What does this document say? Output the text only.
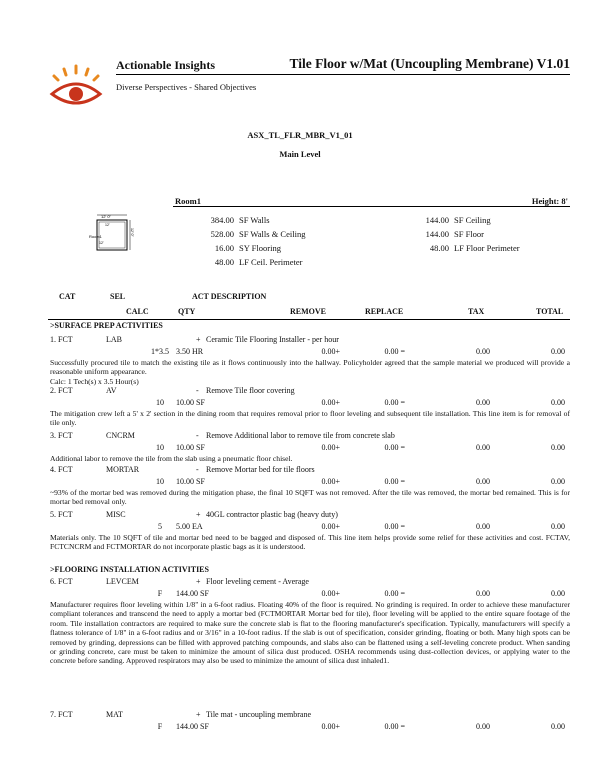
Actionable Insights
Diverse Perspectives - Shared Objectives
Tile Floor w/Mat (Uncoupling Membrane) V1.01
ASX_TL_FLR_MBR_V1_01
Main Level
Room1	Height: 8'
12' 0"
12'
Room1
12'
12' 0"
384.00 SF Walls
528.00 SF Walls & Ceiling
16.00 SY Flooring
48.00 LF Ceil. Perimeter
144.00 SF Ceiling
144.00 SF Floor
48.00 LF Floor Perimeter
CAT	SEL	ACT DESCRIPTION
CALC	QTY	REMOVE	REPLACE	TAX	TOTAL
>SURFACE PREP ACTIVITIES
>FLOORING INSTALLATION ACTIVITIES
1. FCT	LAB	+ Ceramic Tile Flooring Installer - per hour
1*3.5 3.50 HR	0.00+	0.00 =	0.00	0.00
Successfully procured tile to match the existing tile as it flows continuously into the hallway. Policyholder agreed that the sample material we produced will provide a reasonable uniform appearance.
Calc: 1 Tech(s) x 3.5 Hour(s)
2. FCT	AV	- Remove Tile floor covering
10	10.00 SF	0.00+	0.00 =	0.00	0.00
The mitigation crew left a 5' x 2' section in the dining room that requires removal prior to floor leveling and subsequent tile installation. This line item is for removal of tile only.
3. FCT	CNCRM	- Remove Additional labor to remove tile from concrete slab
10	10.00 SF	0.00+	0.00 =	0.00	0.00
Additional labor to remove the tile from the slab using a pneumatic floor chisel.
4. FCT	MORTAR	- Remove Mortar bed for tile floors
10	10.00 SF	0.00+	0.00 =	0.00	0.00
~93% of the mortar bed was removed during the mitigation phase, the final 10 SQFT was not removed. After the tile was removed, the mortar bed remained. This is for mortar bed removal only.
5. FCT	MISC	+ 40GL contractor plastic bag (heavy duty)
5	5.00 EA	0.00+	0.00 =	0.00	0.00
Materials only. The 10 SQFT of tile and mortar bed need to be bagged and disposed of. This line item helps provide some relief for these activities and cost. FCTAV, FCTCNCRM and FCTMORTAR do not incorporate plastic bags as it is understood.
6. FCT	LEVCEM	+ Floor leveling cement - Average
F	144.00 SF	0.00+	0.00 =	0.00	0.00
Manufacturer requires floor leveling within 1/8" in a 6-foot radius. Floating 40% of the floor is required. No grinding is required. In order to achieve these manufacturer compliant tolerances and transcend the need to apply a mortar bed (FCTMORTAR Mortar bed for tile), floor leveling will be applied to the entire square footage of the room. Tile installation contractors are required to make sure the concrete slab is flat to the flooring manufacturer's specification. Typically, manufacturers will specify a flatness tolerance of 1/8" in a 6-foot radius and or 3/16" in a 10-foot radius. If the slab is out of specification, consider grinding, floating or both. Many high spots can be removed by grinding, depressions can be filled with approved patching compounds, and slabs also can be flattened using a self-leveling concrete product. When sanding or grinding concrete, care must be taken to minimize the amount of silica dust produced. OSHA recommends using dust-collection devices, or applying water to the concrete before sanding. Approved respirators may also be used to minimize the amount of silica dust inhaled1.
7. FCT	MAT	+ Tile mat - uncoupling membrane
F	144.00 SF	0.00+	0.00 =	0.00	0.00
